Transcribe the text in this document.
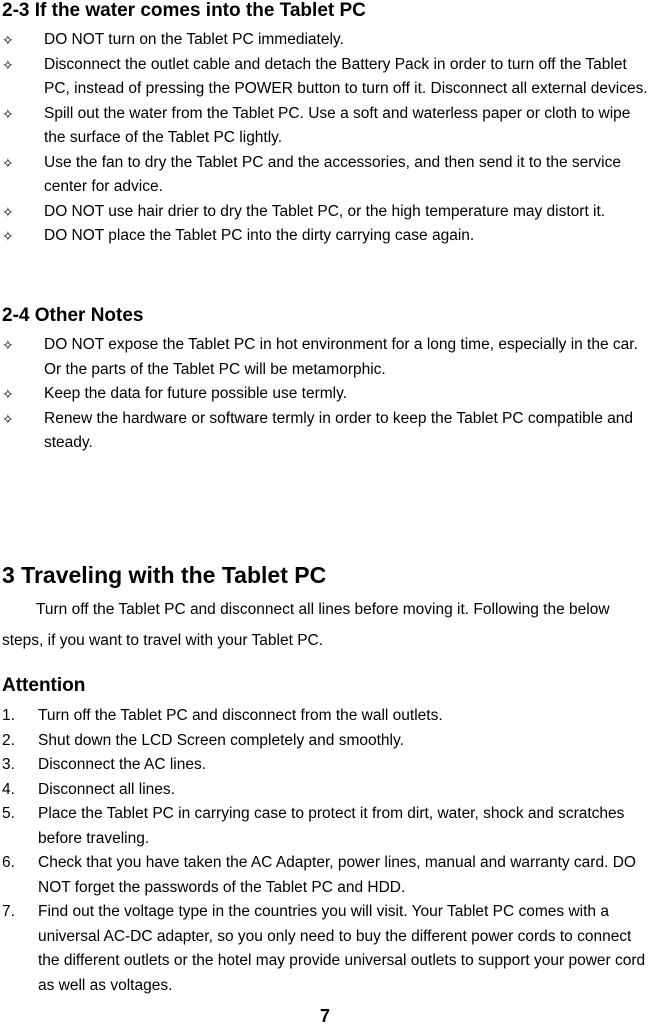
2-3 If the water comes into the Tablet PC
✧ DO NOT turn on the Tablet PC immediately.
✧ Disconnect the outlet cable and detach the Battery Pack in order to turn off the Tablet PC, instead of pressing the POWER button to turn off it. Disconnect all external devices.
✧ Spill out the water from the Tablet PC. Use a soft and waterless paper or cloth to wipe the surface of the Tablet PC lightly.
✧ Use the fan to dry the Tablet PC and the accessories, and then send it to the service center for advice.
✧ DO NOT use hair drier to dry the Tablet PC, or the high temperature may distort it.
✧ DO NOT place the Tablet PC into the dirty carrying case again.
2-4 Other Notes
✧ DO NOT expose the Tablet PC in hot environment for a long time, especially in the car. Or the parts of the Tablet PC will be metamorphic.
✧ Keep the data for future possible use termly.
✧ Renew the hardware or software termly in order to keep the Tablet PC compatible and steady.
3 Traveling with the Tablet PC

Turn off the Tablet PC and disconnect all lines before moving it. Following the below steps, if you want to travel with your Tablet PC.

Attention
1. Turn off the Tablet PC and disconnect from the wall outlets.
2. Shut down the LCD Screen completely and smoothly.
3. Disconnect the AC lines.
4. Disconnect all lines.
5. Place the Tablet PC in carrying case to protect it from dirt, water, shock and scratches before traveling.
6. Check that you have taken the AC Adapter, power lines, manual and warranty card. DO NOT forget the passwords of the Tablet PC and HDD.
7. Find out the voltage type in the countries you will visit. Your Tablet PC comes with a universal AC-DC adapter, so you only need to buy the different power cords to connect the different outlets or the hotel may provide universal outlets to support your power cord as well as voltages.
7
